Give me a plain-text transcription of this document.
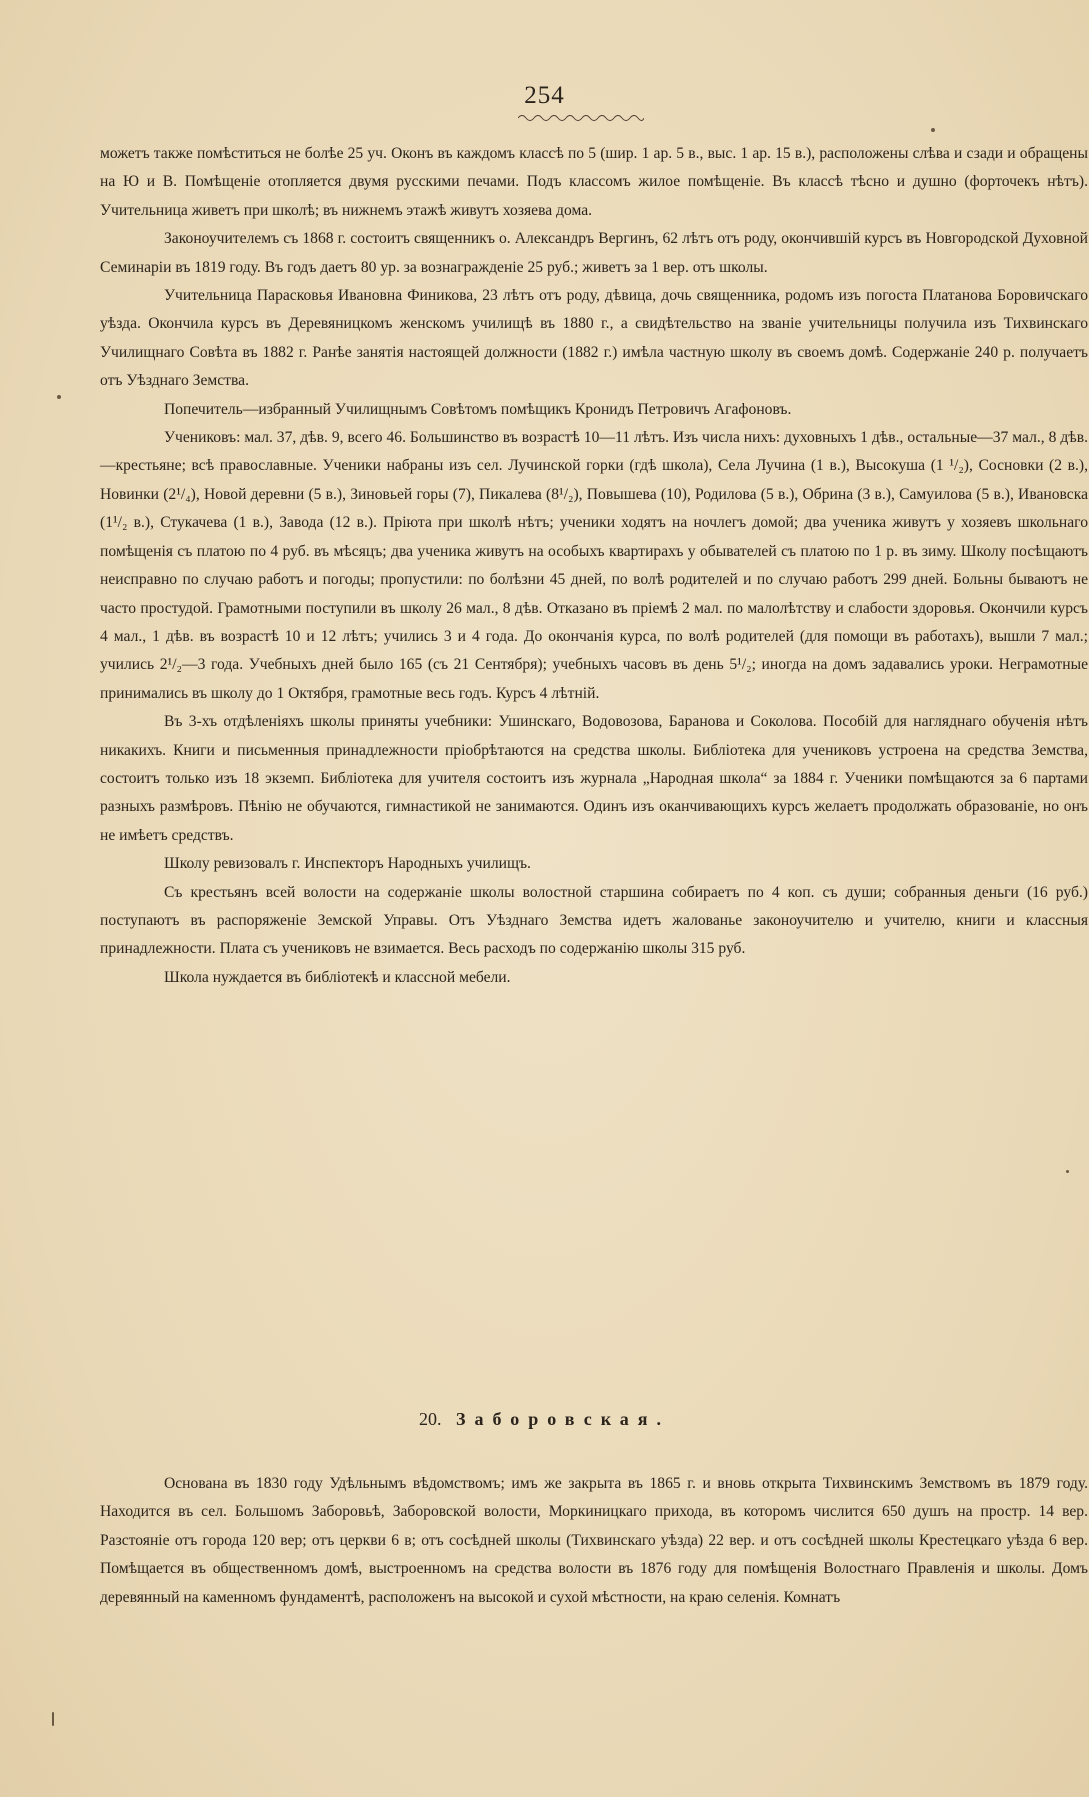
254

можетъ также помѣститься не болѣе 25 уч. Оконъ въ каждомъ классѣ по 5 (шир. 1 ар. 5 в., выс. 1 ар. 15 в.), расположены слѣва и сзади и обращены на Ю и В. Помѣщеніе отопляется двумя русскими печами. Подъ классомъ жилое помѣщеніе. Въ классѣ тѣсно и душно (форточекъ нѣтъ). Учительница живетъ при школѣ; въ нижнемъ этажѣ живутъ хозяева дома.

Законоучителемъ съ 1868 г. состоитъ священникъ о. Александръ Вергинъ, 62 лѣтъ отъ роду, окончившій курсъ въ Новгородской Духовной Семинаріи въ 1819 году. Въ годъ даетъ 80 ур. за вознагражденіе 25 руб.; живетъ за 1 вер. отъ школы.

Учительница Парасковья Ивановна Финикова, 23 лѣтъ отъ роду, дѣвица, дочь священника, родомъ изъ погоста Платанова Боровичскаго уѣзда. Окончила курсъ въ Деревяницкомъ женскомъ училищѣ въ 1880 г., а свидѣтельство на званіе учительницы получила изъ Тихвинскаго Училищнаго Совѣта въ 1882 г. Ранѣе занятія настоящей должности (1882 г.) имѣла частную школу въ своемъ домѣ. Содержаніе 240 р. получаетъ отъ Уѣзднаго Земства.

Попечитель—избранный Училищнымъ Совѣтомъ помѣщикъ Кронидъ Петровичъ Агафоновъ.

Учениковъ: мал. 37, дѣв. 9, всего 46. Большинство въ возрастѣ 10—11 лѣтъ. Изъ числа нихъ: духовныхъ 1 дѣв., остальные—37 мал., 8 дѣв.—крестьяне; всѣ православные. Ученики набраны изъ сел. Лучинской горки (гдѣ школа), Села Лучина (1 в.), Высокуша (1 ¹/₂), Сосновки (2 в.), Новинки (2¹/₄), Новой деревни (5 в.), Зиновьей горы (7), Пикалева (8¹/₂), Повышева (10), Родилова (5 в.), Обрина (3 в.), Самуилова (5 в.), Ивановска (1¹/₂ в.), Стукачева (1 в.), Завода (12 в.). Пріюта при школѣ нѣтъ; ученики ходятъ на ночлегъ домой; два ученика живутъ у хозяевъ школьнаго помѣщенія съ платою по 4 руб. въ мѣсяцъ; два ученика живутъ на особыхъ квартирахъ у обывателей съ платою по 1 р. въ зиму. Школу посѣщаютъ неисправно по случаю работъ и погоды; пропустили: по болѣзни 45 дней, по волѣ родителей и по случаю работъ 299 дней. Больны бываютъ не часто простудой. Грамотными поступили въ школу 26 мал., 8 дѣв. Отказано въ пріемѣ 2 мал. по малолѣтству и слабости здоровья. Окончили курсъ 4 мал., 1 дѣв. въ возрастѣ 10 и 12 лѣтъ; учились 3 и 4 года. До окончанія курса, по волѣ родителей (для помощи въ работахъ), вышли 7 мал.; учились 2¹/₂—3 года. Учебныхъ дней было 165 (съ 21 Сентября); учебныхъ часовъ въ день 5¹/₂; иногда на домъ задавались уроки. Неграмотные принимались въ школу до 1 Октября, грамотные весь годъ. Курсъ 4 лѣтній.

Въ 3-хъ отдѣленіяхъ школы приняты учебники: Ушинскаго, Водовозова, Баранова и Соколова. Пособій для нагляднаго обученія нѣтъ никакихъ. Книги и письменныя принадлежности пріобрѣтаются на средства школы. Библіотека для учениковъ устроена на средства Земства, состоитъ только изъ 18 экземп. Библіотека для учителя состоитъ изъ журнала „Народная школа“ за 1884 г. Ученики помѣщаются за 6 партами разныхъ размѣровъ. Пѣнію не обучаются, гимнастикой не занимаются. Одинъ изъ оканчивающихъ курсъ желаетъ продолжать образованіе, но онъ не имѣетъ средствъ.

Школу ревизовалъ г. Инспекторъ Народныхъ училищъ.

Съ крестьянъ всей волости на содержаніе школы волостной старшина собираетъ по 4 коп. съ души; собранныя деньги (16 руб.) поступаютъ въ распоряженіе Земской Управы. Отъ Уѣзднаго Земства идетъ жалованье законоучителю и учителю, книги и классныя принадлежности. Плата съ учениковъ не взимается. Весь расходъ по содержанію школы 315 руб.

Школа нуждается въ библіотекѣ и классной мебели.

20. Заборовская.

Основана въ 1830 году Удѣльнымъ вѣдомствомъ; имъ же закрыта въ 1865 г. и вновь открыта Тихвинскимъ Земствомъ въ 1879 году. Находится въ сел. Большомъ Заборовьѣ, Заборовской волости, Моркиницкаго прихода, въ которомъ числится 650 душъ на простр. 14 вер. Разстояніе отъ города 120 вер; отъ церкви 6 в; отъ сосѣдней школы (Тихвинскаго уѣзда) 22 вер. и отъ сосѣдней школы Крестецкаго уѣзда 6 вер. Помѣщается въ общественномъ домѣ, выстроенномъ на средства волости въ 1876 году для помѣщенія Волостнаго Правленія и школы. Домъ деревянный на каменномъ фундаментѣ, расположенъ на высокой и сухой мѣстности, на краю селенія. Комнатъ
